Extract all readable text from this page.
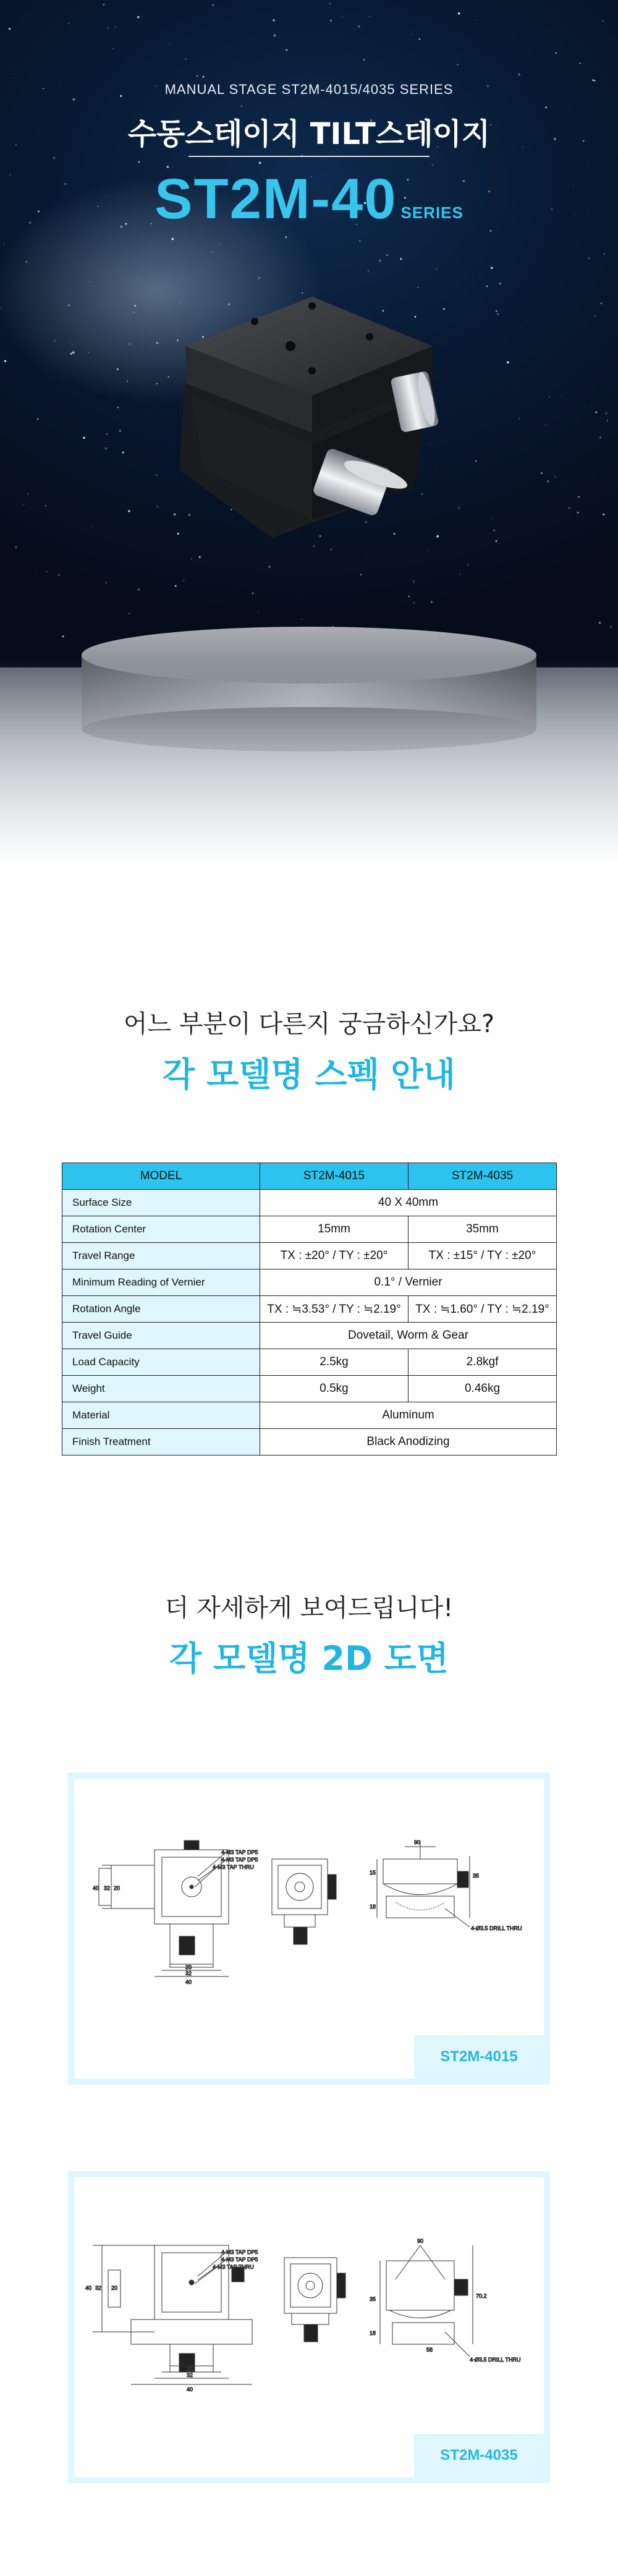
MANUAL STAGE ST2M-4015/4035 SERIES
수동스테이지 TILT스테이지
ST2M-40 SERIES
어느 부분이 다른지 궁금하신가요?
각 모델명 스펙 안내
MODEL	ST2M-4015	ST2M-4035
Surface Size	40 X 40mm	
Rotation Center	15mm	35mm
Travel Range	TX : ±20° / TY : ±20°	TX : ±15° / TY : ±20°
Minimum Reading of Vernier	0.1° / Vernier	
Rotation Angle	TX : ≒3.53° / TY : ≒2.19°	TX : ≒1.60° / TY : ≒2.19°
Travel Guide	Dovetail, Worm & Gear	
Load Capacity	2.5kg	2.8kgf
Weight	0.5kg	0.46kg
Material	Aluminum	
Finish Treatment	Black Anodizing	
더 자세하게 보여드립니다!
각 모델명 2D 도면
4-M3 TAP DP5
4-M3 TAP DP5
4-M3 TAP THRU
40
32
20
40 32 20
15	35
18
90
4-Ø3.5 DRILL THRU
ST2M-4015
4-M3 TAP DP5
4-M3 TAP DP5
4-M3 TAP THRU
40
32
20
40 32 20
35
18
70.2
58
90
4-Ø3.5 DRILL THRU
ST2M-4035
